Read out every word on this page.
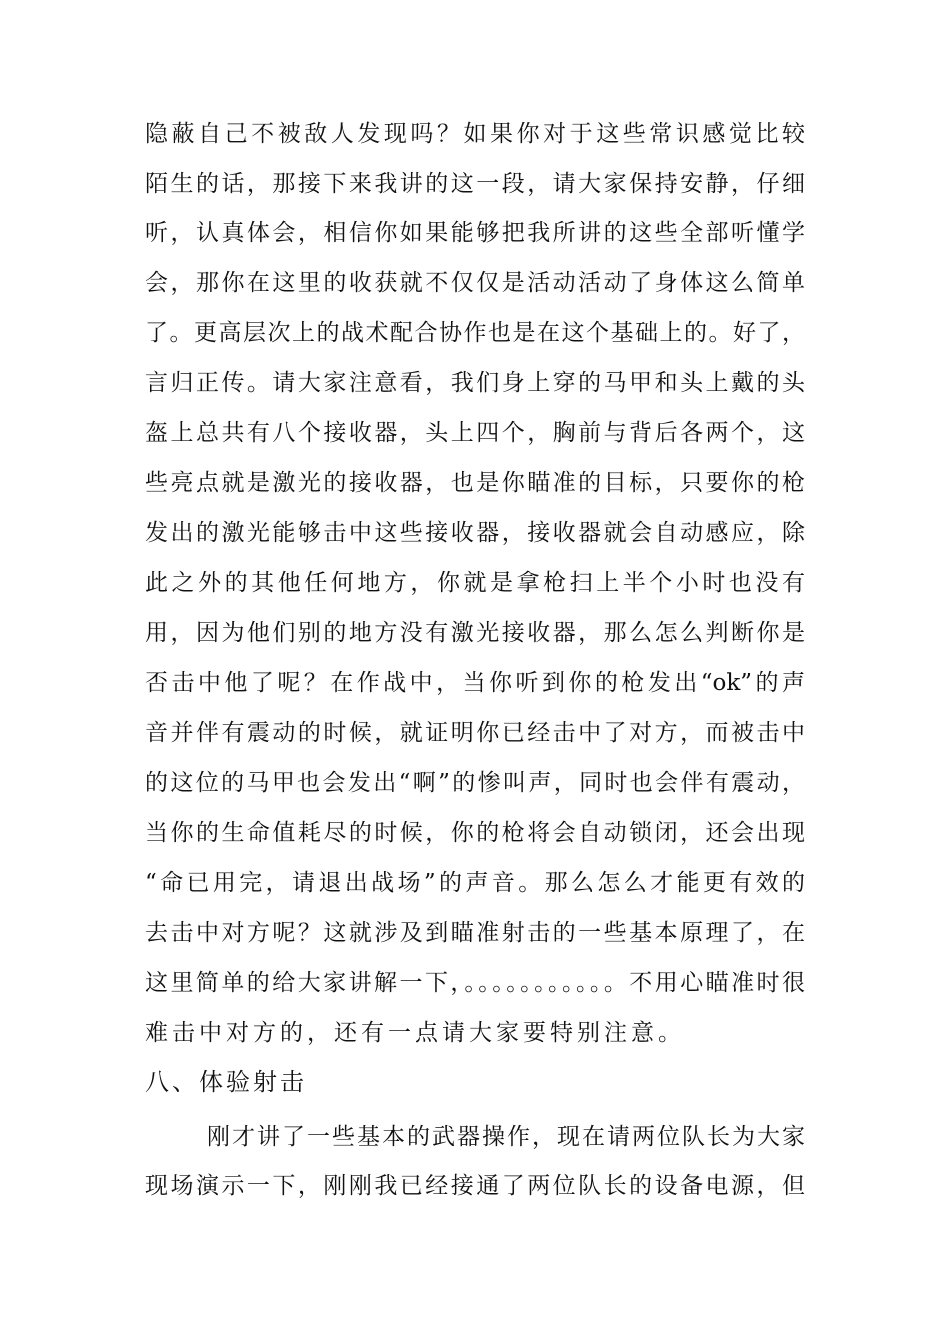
隐蔽自己不被敌人发现吗？如果你对于这些常识感觉比较
陌生的话，那接下来我讲的这一段，请大家保持安静，仔细
听，认真体会，相信你如果能够把我所讲的这些全部听懂学
会，那你在这里的收获就不仅仅是活动活动了身体这么简单
了。更高层次上的战术配合协作也是在这个基础上的。好了，
言归正传。请大家注意看，我们身上穿的马甲和头上戴的头
盔上总共有八个接收器，头上四个，胸前与背后各两个，这
些亮点就是激光的接收器，也是你瞄准的目标，只要你的枪
发出的激光能够击中这些接收器，接收器就会自动感应，除
此之外的其他任何地方，你就是拿枪扫上半个小时也没有
用，因为他们别的地方没有激光接收器，那么怎么判断你是
否击中他了呢？在作战中，当你听到你的枪发出“ok”的声
音并伴有震动的时候，就证明你已经击中了对方，而被击中
的这位的马甲也会发出“啊”的惨叫声，同时也会伴有震动，
当你的生命值耗尽的时候，你的枪将会自动锁闭，还会出现
“命已用完，请退出战场”的声音。那么怎么才能更有效的
去击中对方呢？这就涉及到瞄准射击的一些基本原理了，在
这里简单的给大家讲解一下，。。。。。。。。。。。不用心瞄准时很
难击中对方的，还有一点请大家要特别注意。
八、体验射击
刚才讲了一些基本的武器操作，现在请两位队长为大家
现场演示一下，刚刚我已经接通了两位队长的设备电源，但
